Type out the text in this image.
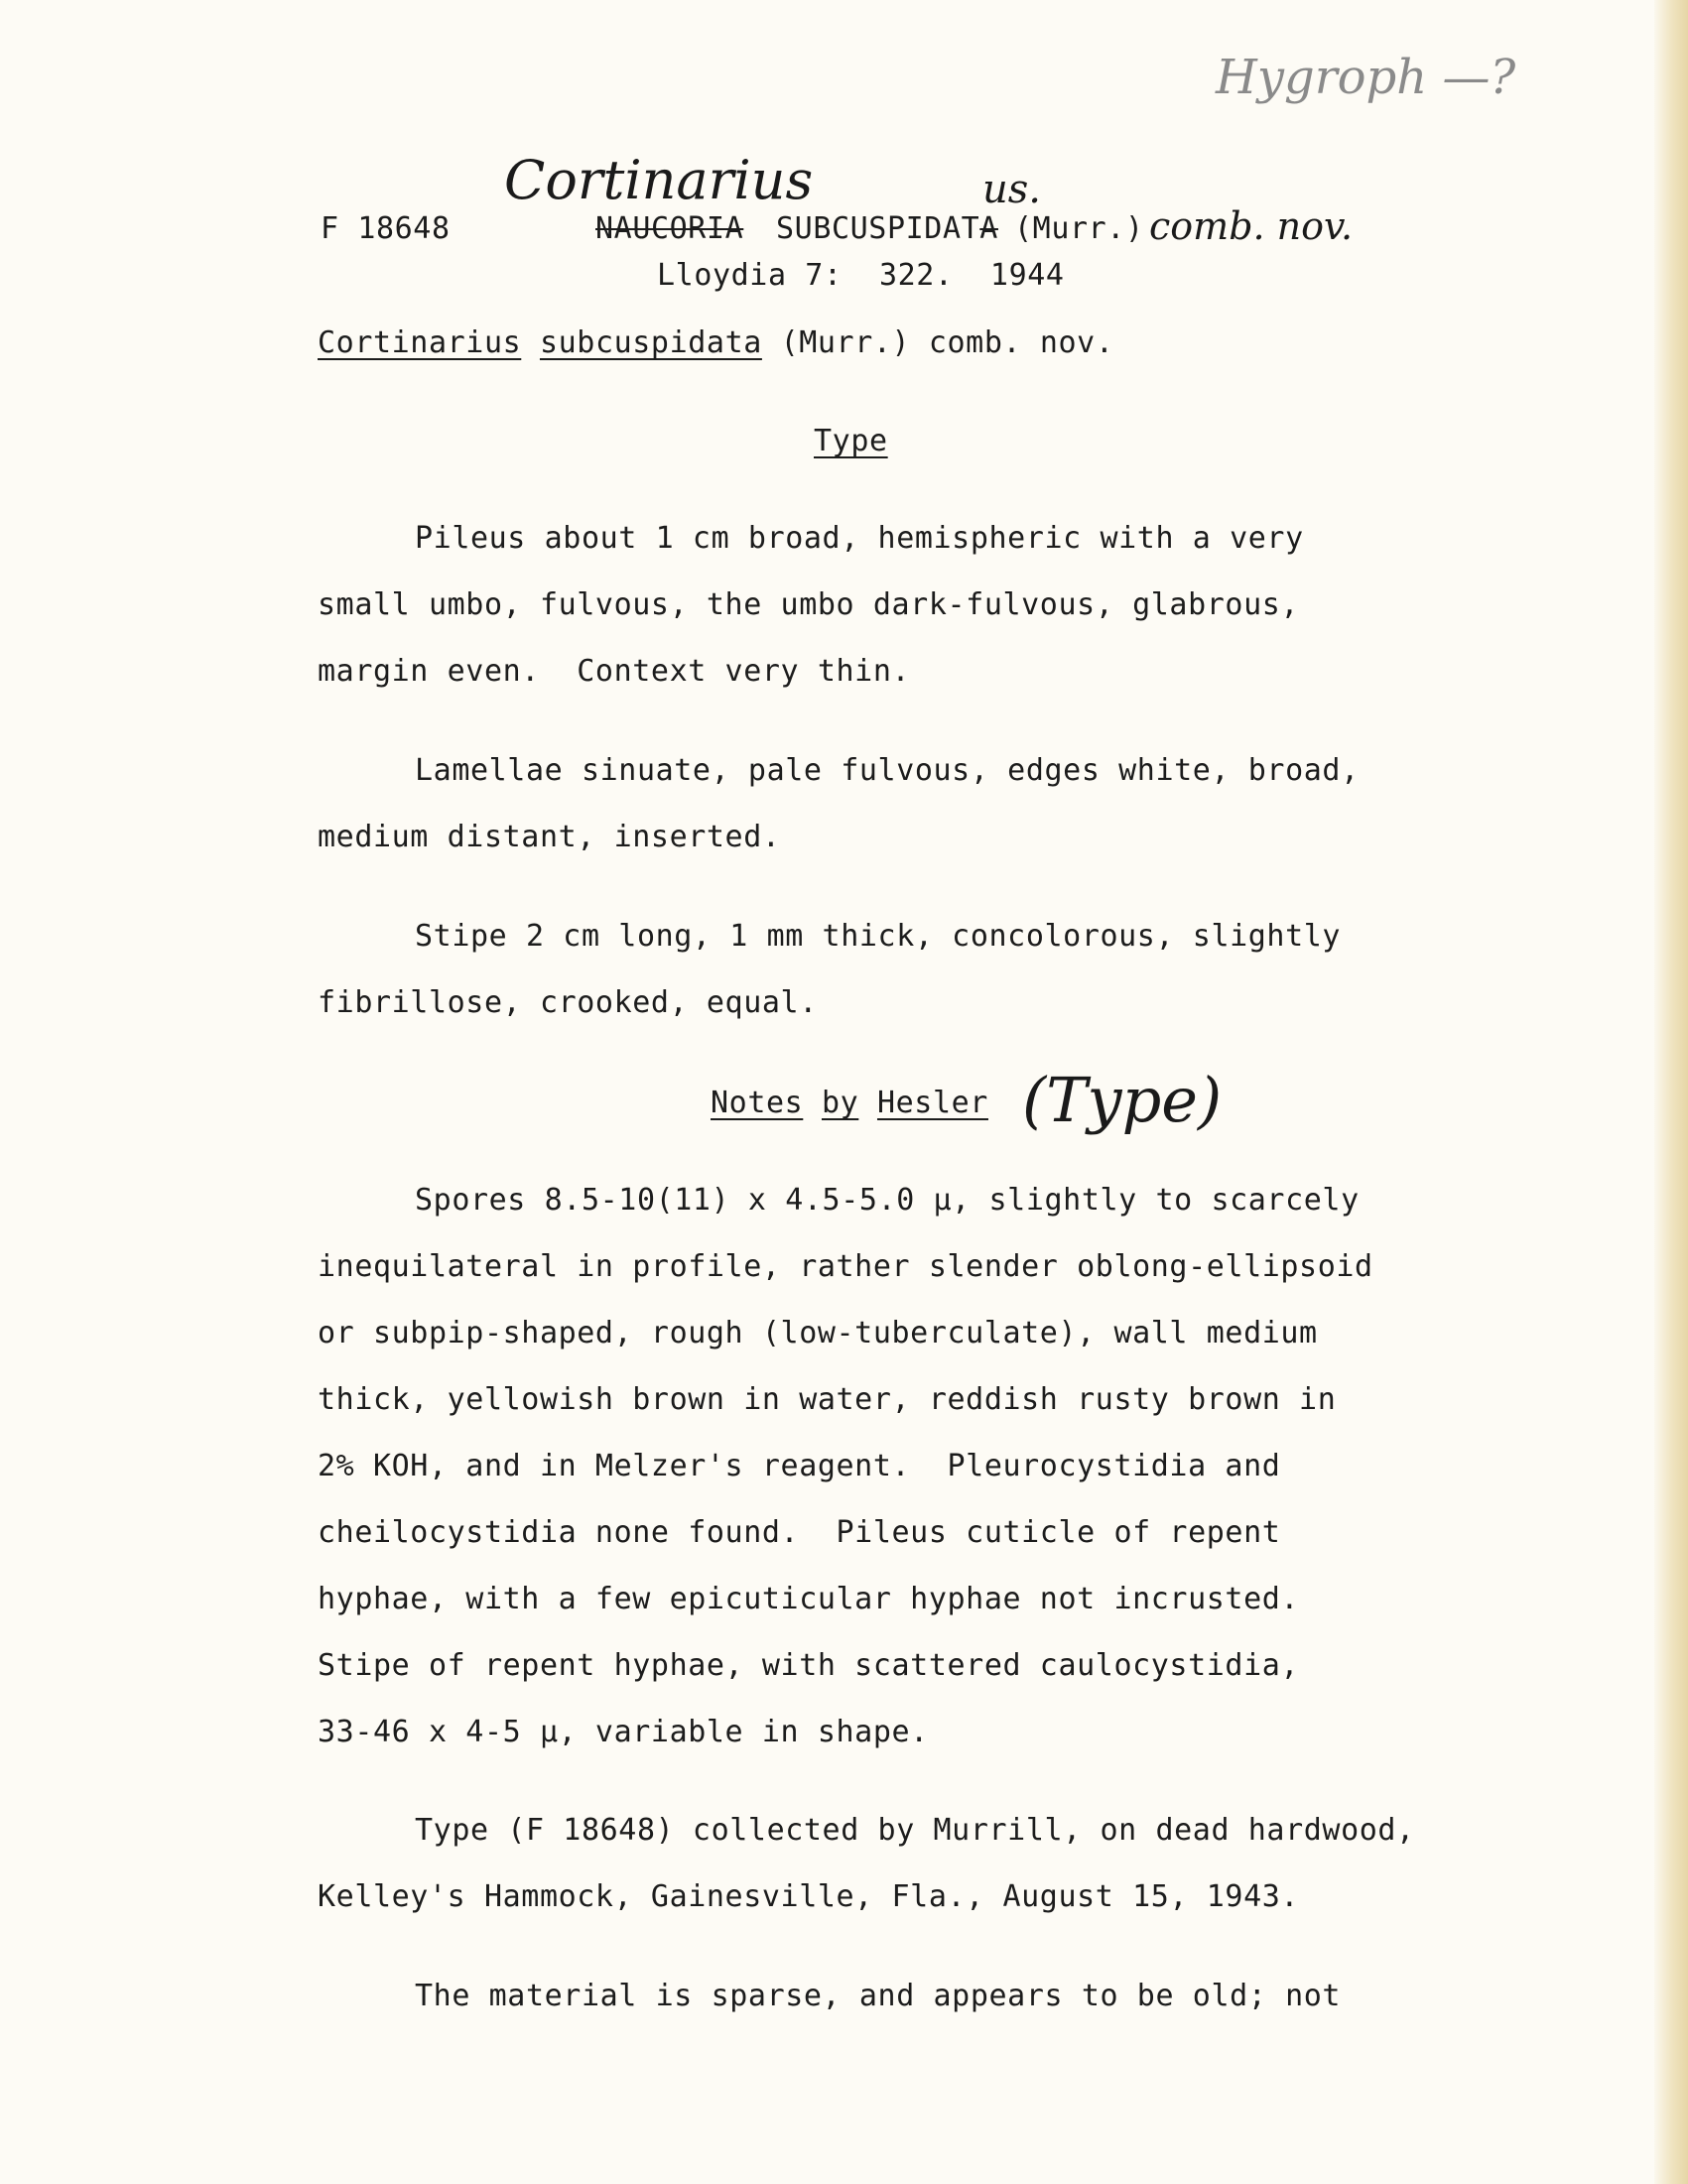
Hygroph —?
F 18648
Cortinarius
NAUCORIA SUBCUSPIDATA
us.
(Murr.) comb. nov.
Lloydia 7:  322.  1944
Cortinarius subcuspidata (Murr.) comb. nov.
Type
Pileus about 1 cm broad, hemispheric with a very
small umbo, fulvous, the umbo dark-fulvous, glabrous,
margin even.  Context very thin.
Lamellae sinuate, pale fulvous, edges white, broad,
medium distant, inserted.
Stipe 2 cm long, 1 mm thick, concolorous, slightly
fibrillose, crooked, equal.
Notes by Hesler (Type)
Spores 8.5-10(11) x 4.5-5.0 µ, slightly to scarcely
inequilateral in profile, rather slender oblong-ellipsoid
or subpip-shaped, rough (low-tuberculate), wall medium
thick, yellowish brown in water, reddish rusty brown in
2% KOH, and in Melzer's reagent.  Pleurocystidia and
cheilocystidia none found.  Pileus cuticle of repent
hyphae, with a few epicuticular hyphae not incrusted.
Stipe of repent hyphae, with scattered caulocystidia,
33-46 x 4-5 µ, variable in shape.
Type (F 18648) collected by Murrill, on dead hardwood,
Kelley's Hammock, Gainesville, Fla., August 15, 1943.
The material is sparse, and appears to be old; not
